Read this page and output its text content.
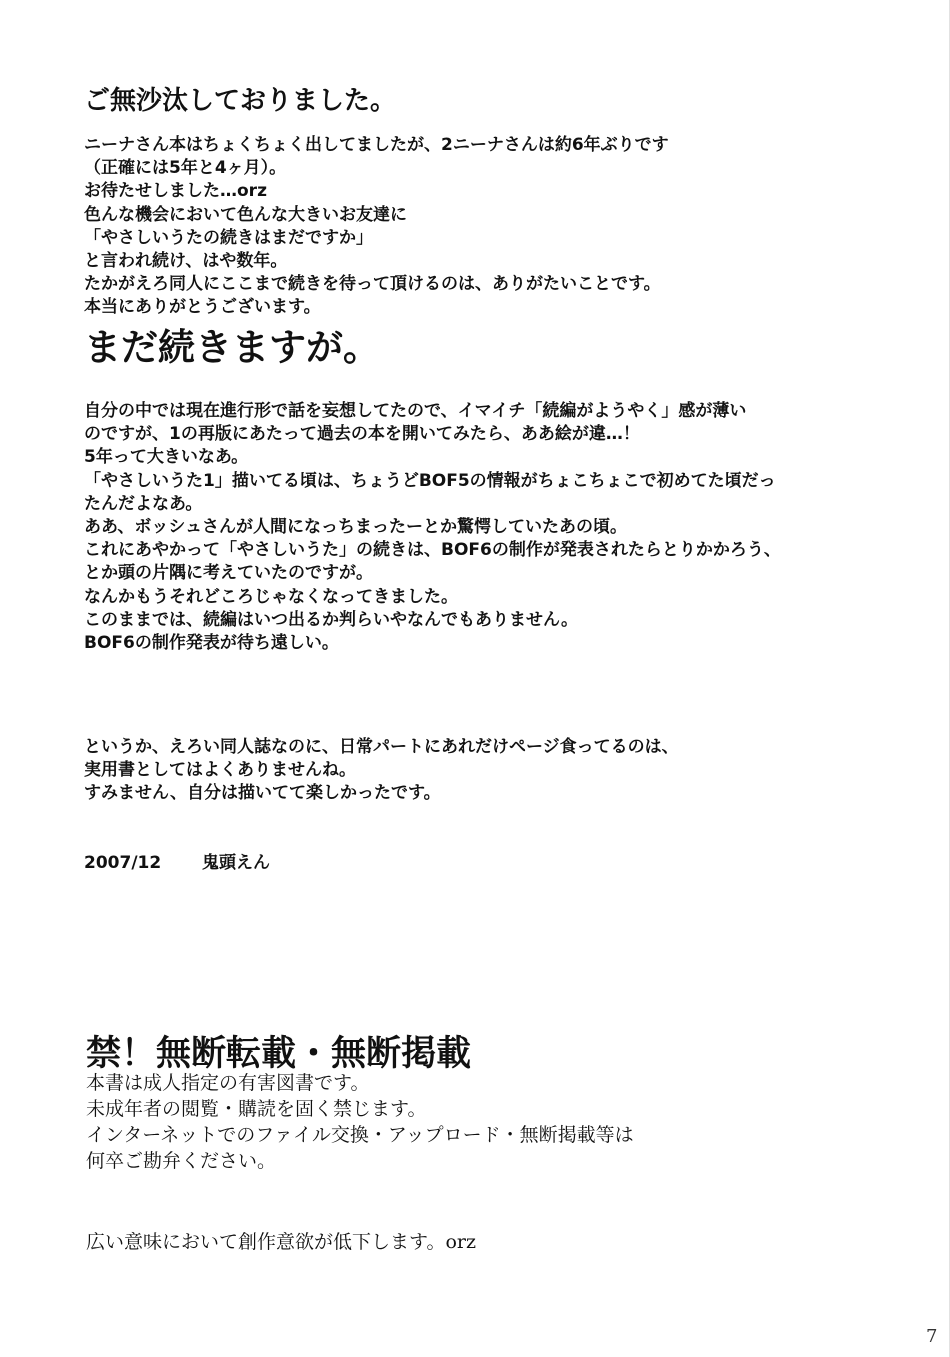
ご無沙汰しておりました。
ニーナさん本はちょくちょく出してましたが、2ニーナさんは約6年ぶりです
（正確には5年と4ヶ月）。
お待たせしました…orz
色んな機会において色んな大きいお友達に
「やさしいうたの続きはまだですか」
と言われ続け、はや数年。
たかがえろ同人にここまで続きを待って頂けるのは、ありがたいことです。
本当にありがとうございます。
まだ続きますが。
自分の中では現在進行形で話を妄想してたので、イマイチ「続編がようやく」感が薄い
のですが、1の再版にあたって過去の本を開いてみたら、ああ絵が違…！
5年って大きいなあ。
「やさしいうた1」描いてる頃は、ちょうどBOF5の情報がちょこちょこで初めてた頃だっ
たんだよなあ。
ああ、ボッシュさんが人間になっちまったーとか驚愕していたあの頃。
これにあやかって「やさしいうた」の続きは、BOF6の制作が発表されたらとりかかろう、
とか頭の片隅に考えていたのですが。
なんかもうそれどころじゃなくなってきました。
このままでは、続編はいつ出るか判らいやなんでもありません。
BOF6の制作発表が待ち遠しい。
というか、えろい同人誌なのに、日常パートにあれだけページ食ってるのは、
実用書としてはよくありませんね。
すみません、自分は描いてて楽しかったです。
2007/12 鬼頭えん
禁！無断転載・無断掲載
本書は成人指定の有害図書です。
未成年者の閲覧・購読を固く禁じます。
インターネットでのファイル交換・アップロード・無断掲載等は
何卒ご勘弁ください。
広い意味において創作意欲が低下します。orz
7
